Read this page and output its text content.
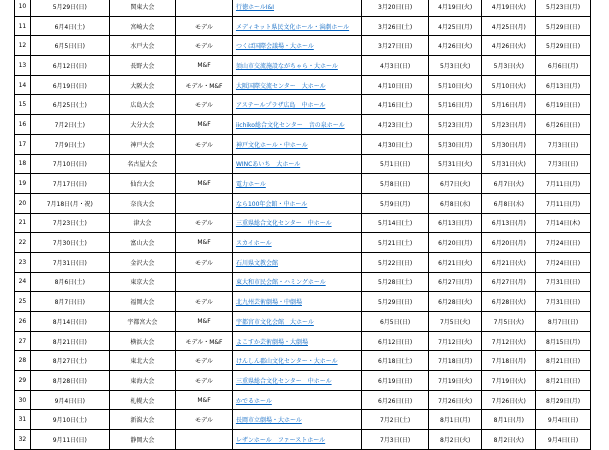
10	5月29日(日)	関東大会		行徳ホールI&I	3月20日(日)	4月19日(火)	4月19日(火)	5月23日(月)
11	6月4日(土)	宮崎大会	モデル	メディキット県民文化ホール・演劇ホール	3月26日(土)	4月25日(月)	4月25日(月)	5月29日(日)
12	6月5日(日)	水戸大会	モデル	つくば国際会議場・大ホール	3月27日(日)	4月26日(火)	4月26日(火)	5月29日(日)
13	6月12日(日)	長野大会	M&F	須山市交流施設ながちゃら・大ホール	4月3日(日)	5月3日(火)	5月3日(火)	6月6日(月)
14	6月19日(日)	大阪大会	モデル・M&F	大阪国際交流センター　大ホール	4月10日(日)	5月10日(火)	5月10日(火)	6月13日(月)
15	6月25日(土)	広島大会	モデル	アステールプラザ広島　中ホール	4月16日(土)	5月16日(月)	5月16日(月)	6月19日(日)
16	7月2日(土)	大分大会	M&F	iichiko総合文化センター　音の泉ホール	4月23日(土)	5月23日(月)	5月23日(月)	6月26日(日)
17	7月9日(土)	神戸大会	モデル	神戸文化ホール・中ホール	4月30日(土)	5月30日(月)	5月30日(月)	7月3日(日)
18	7月10日(日)	名古屋大会		WINCあいち　大ホール	5月1日(日)	5月31日(火)	5月31日(火)	7月3日(日)
19	7月17日(日)	仙台大会	M&F	電力ホール	5月8日(日)	6月7日(火)	6月7日(火)	7月11日(月)
20	7月18日(月・祝)	奈良大会		なら100年会館・中ホール	5月9日(月)	6月8日(水)	6月8日(水)	7月11日(月)
21	7月23日(土)	津大会	モデル	三重県総合文化センター　中ホール	5月14日(土)	6月13日(月)	6月13日(月)	7月14日(木)
22	7月30日(土)	富山大会	M&F	スカイホール	5月21日(土)	6月20日(月)	6月20日(月)	7月24日(日)
23	7月31日(日)	金沢大会	モデル	石川県文教会館	5月22日(日)	6月21日(火)	6月21日(火)	7月24日(日)
24	8月6日(土)	東京大会		東大和市民会館・ハミングホール	5月28日(土)	6月27日(月)	6月27日(月)	7月31日(日)
25	8月7日(日)	福岡大会	モデル	北九州芸術劇場・中劇場	5月29日(日)	6月28日(火)	6月28日(火)	7月31日(日)
26	8月14日(日)	宇都宮大会	M&F	宇都宮市文化会館　大ホール	6月5日(日)	7月5日(火)	7月5日(火)	8月7日(日)
27	8月21日(日)	横浜大会	モデル・M&F	よこすか芸術劇場・大劇場	6月12日(日)	7月12日(火)	7月12日(火)	8月15日(月)
28	8月27日(土)	東北大会	モデル	けんしん郡山文化センター・大ホール	6月18日(土)	7月18日(月)	7月18日(月)	8月21日(日)
29	8月28日(日)	東海大会	モデル	三重県総合文化センター　中ホール	6月19日(日)	7月19日(火)	7月19日(火)	8月21日(日)
30	9月4日(日)	札幌大会	M&F	かでるホール	6月26日(日)	7月26日(火)	7月26日(火)	8月29日(月)
31	9月10日(土)	新潟大会	モデル	長岡市立劇場・大ホール	7月2日(土)	8月1日(月)	8月1日(月)	9月4日(日)
32	9月11日(日)	静岡大会		レザンホール　ファーストホール	7月3日(日)	8月2日(火)	8月2日(火)	9月4日(日)
